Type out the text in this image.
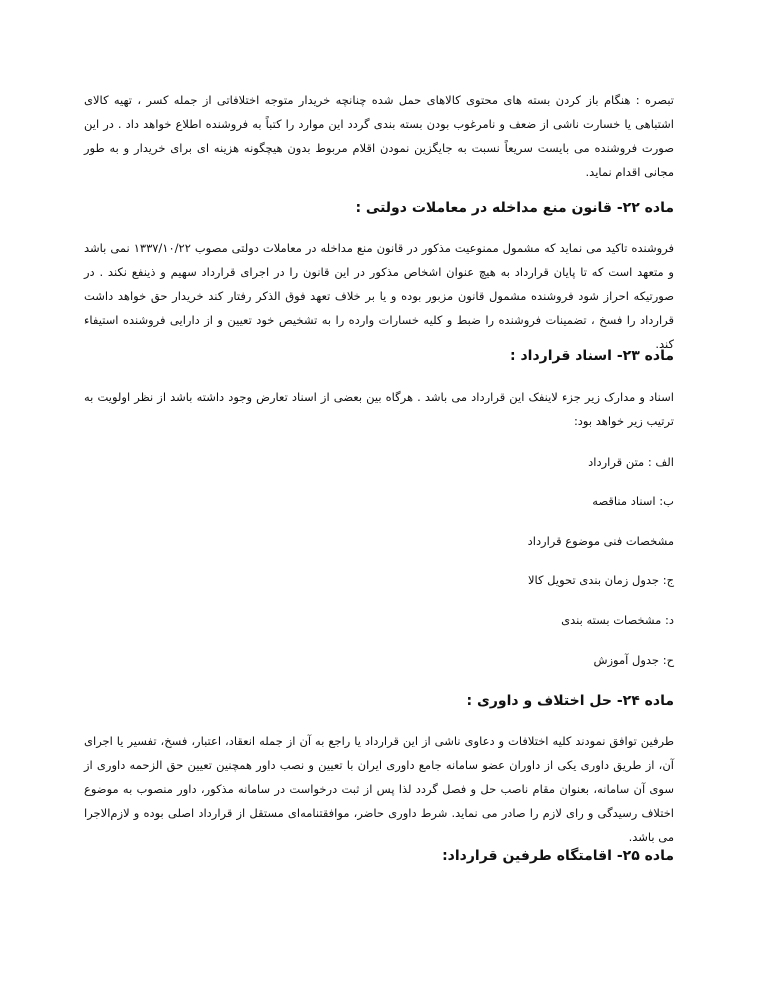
تبصره : هنگام باز کردن بسته های محتوی کالاهای حمل شده چنانچه خریدار متوجه اختلافاتی از جمله کسر ، تهیه کالای اشتباهی یا خسارت ناشی از ضعف و نامرغوب بودن بسته بندی گردد این موارد را کتباً به فروشنده اطلاع خواهد داد . در این صورت فروشنده می بایست سریعاً نسبت به جایگزین نمودن اقلام مربوط بدون هیچگونه هزینه ای برای خریدار و به طور مجانی اقدام نماید.

ماده ۲۲- قانون منع مداخله در معاملات دولتی :

فروشنده تاکید می نماید که مشمول ممنوعیت مذکور در قانون منع مداخله در معاملات دولتی مصوب ۱۳۳۷/۱۰/۲۲ نمی باشد و متعهد است که تا پایان قرارداد به هیچ عنوان اشخاص مذکور در این قانون را در اجرای قرارداد سهیم و ذینفع نکند . در صورتیکه احراز شود فروشنده مشمول قانون مزبور بوده و یا بر خلاف تعهد فوق الذکر رفتار کند خریدار حق خواهد داشت قرارداد را فسخ ، تضمینات فروشنده را ضبط و کلیه خسارات وارده را به تشخیص خود تعیین و از دارایی فروشنده استیفاء کند.

ماده ۲۳- اسناد قرارداد :

اسناد و مدارک زیر جزء لاینفک این قرارداد می باشد . هرگاه بین بعضی از اسناد تعارض وجود داشته باشد از نظر اولویت به ترتیب زیر خواهد بود:

الف : متن قرارداد

ب: اسناد مناقصه

مشخصات فنی موضوع قرارداد

ج: جدول زمان بندی تحویل کالا

د: مشخصات بسته بندی

ح: جدول آموزش

ماده ۲۴- حل اختلاف و داوری :

طرفین توافق نمودند کلیه اختلافات و دعاوی ناشی از این قرارداد یا راجع به آن از جمله انعقاد، اعتبار، فسخ، تفسیر یا اجرای آن، از طریق داوری یکی از داوران عضو سامانه جامع داوری ایران با تعیین و نصب داور همچنین تعیین حق الزحمه داوری از سوی آن سامانه، بعنوان مقام ناصب حل و فصل گردد لذا پس از ثبت درخواست در سامانه مذکور، داور منصوب به موضوع اختلاف رسیدگی و رای لازم را صادر می نماید. شرط داوری حاضر، موافقتنامه‌ای مستقل از قرارداد اصلی بوده و لازم‌الاجرا می باشد.

ماده ۲۵- اقامتگاه طرفین قرارداد:
